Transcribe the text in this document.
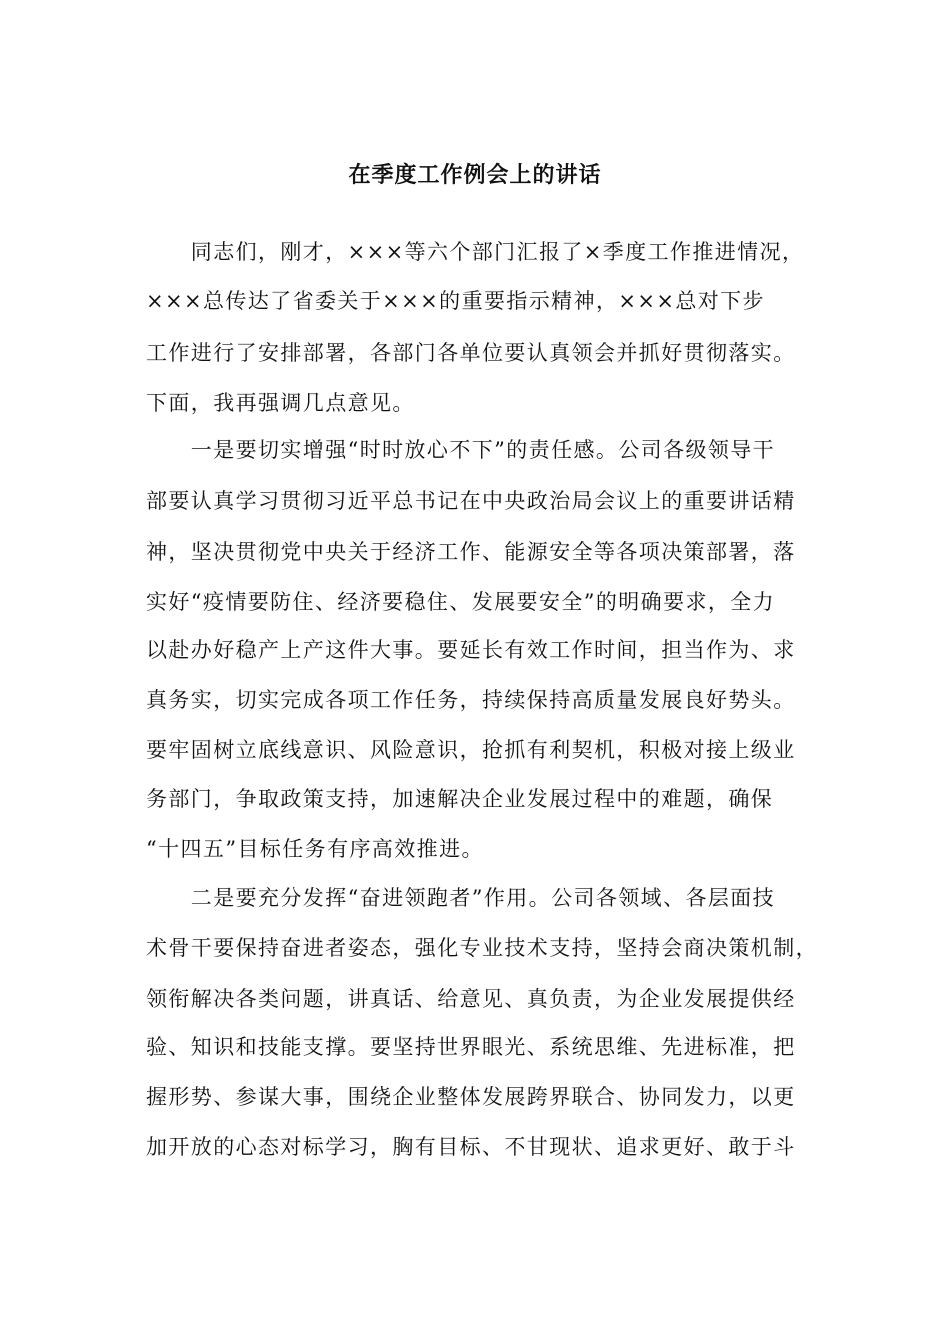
在季度工作例会上的讲话
　　同志们，刚才，×××等六个部门汇报了×季度工作推进情况，
×××总传达了省委关于×××的重要指示精神，×××总对下步
工作进行了安排部署，各部门各单位要认真领会并抓好贯彻落实。
下面，我再强调几点意见。
　　一是要切实增强“时时放心不下”的责任感。公司各级领导干
部要认真学习贯彻习近平总书记在中央政治局会议上的重要讲话精
神，坚决贯彻党中央关于经济工作、能源安全等各项决策部署，落
实好“疫情要防住、经济要稳住、发展要安全”的明确要求，全力
以赴办好稳产上产这件大事。要延长有效工作时间，担当作为、求
真务实，切实完成各项工作任务，持续保持高质量发展良好势头。
要牢固树立底线意识、风险意识，抢抓有利契机，积极对接上级业
务部门，争取政策支持，加速解决企业发展过程中的难题，确保
“十四五”目标任务有序高效推进。
　　二是要充分发挥“奋进领跑者”作用。公司各领域、各层面技
术骨干要保持奋进者姿态，强化专业技术支持，坚持会商决策机制，
领衔解决各类问题，讲真话、给意见、真负责，为企业发展提供经
验、知识和技能支撑。要坚持世界眼光、系统思维、先进标准，把
握形势、参谋大事，围绕企业整体发展跨界联合、协同发力，以更
加开放的心态对标学习，胸有目标、不甘现状、追求更好、敢于斗
